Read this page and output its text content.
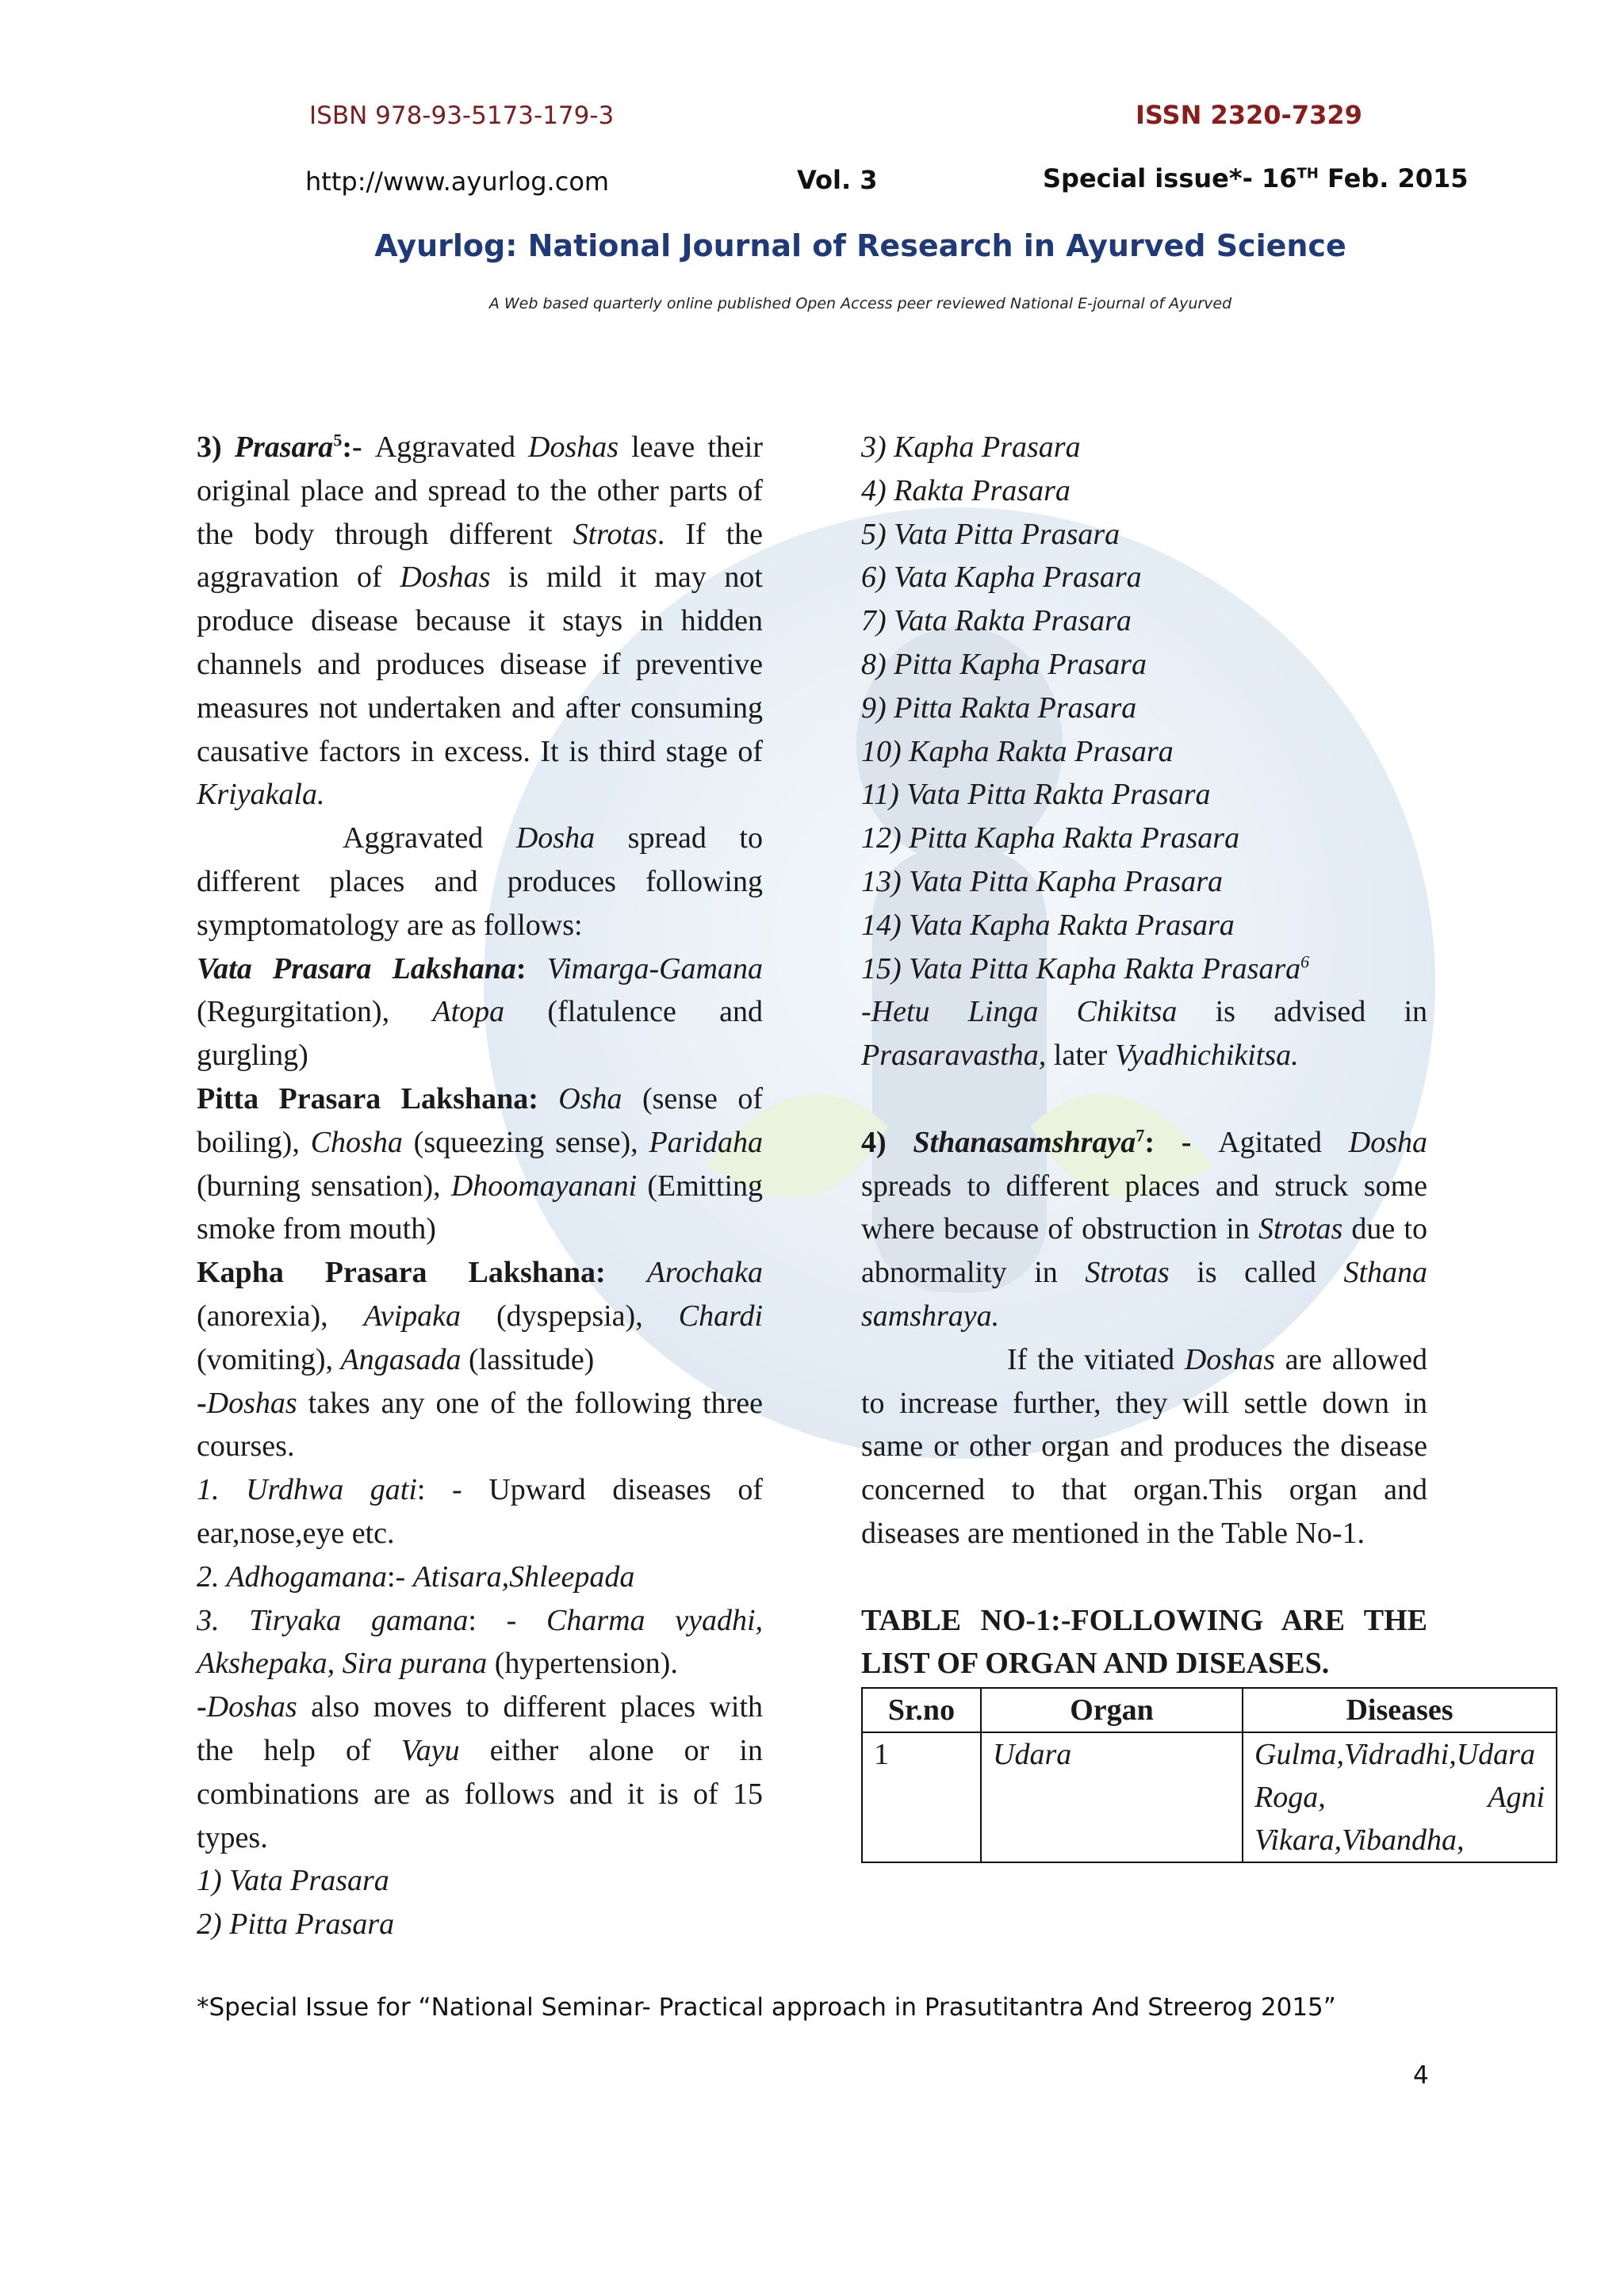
ISBN 978-93-5173-179-3	ISSN 2320-7329
http://www.ayurlog.com	Vol. 3	Special issue*- 16TH Feb. 2015
Ayurlog: National Journal of Research in Ayurved Science
A Web based quarterly online published Open Access peer reviewed National E-journal of Ayurved

3) Prasara$^5$:- Aggravated Doshas leave their original place and spread to the other parts of the body through different Strotas. If the aggravation of Doshas is mild it may not produce disease because it stays in hidden channels and produces disease if preventive measures not undertaken and after consuming causative factors in excess. It is third stage of Kriyakala.

Aggravated Dosha spread to different places and produces following symptomatology are as follows:

Vata Prasara Lakshana: Vimarga-Gamana (Regurgitation), Atopa (flatulence and gurgling)

Pitta Prasara Lakshana: Osha (sense of boiling), Chosha (squeezing sense), Paridaha (burning sensation), Dhoomayanani (Emitting smoke from mouth)

Kapha Prasara Lakshana: Arochaka (anorexia), Avipaka (dyspepsia), Chardi (vomiting), Angasada (lassitude)

-Doshas takes any one of the following three courses.

1. Urdhwa gati: - Upward diseases of ear,nose,eye etc.

2. Adhogamana:- Atisara,Shleepada

3. Tiryaka gamana: - Charma vyadhi, Akshepaka, Sira purana (hypertension).

-Doshas also moves to different places with the help of Vayu either alone or in combinations are as follows and it is of 15 types.

1) Vata Prasara
2) Pitta Prasara
3) Kapha Prasara
4) Rakta Prasara
5) Vata Pitta Prasara
6) Vata Kapha Prasara
7) Vata Rakta Prasara
8) Pitta Kapha Prasara
9) Pitta Rakta Prasara
10) Kapha Rakta Prasara
11) Vata Pitta Rakta Prasara
12) Pitta Kapha Rakta Prasara
13) Vata Pitta Kapha Prasara
14) Vata Kapha Rakta Prasara
15) Vata Pitta Kapha Rakta Prasara$^6$

-Hetu Linga Chikitsa is advised in Prasaravastha, later Vyadhichikitsa.

4) Sthanasamshraya$^7$: - Agitated Dosha spreads to different places and struck some where because of obstruction in Strotas due to abnormality in Strotas is called Sthana samshraya.

If the vitiated Doshas are allowed to increase further, they will settle down in same or other organ and produces the disease concerned to that organ.This organ and diseases are mentioned in the Table No-1.

TABLE NO-1:-FOLLOWING ARE THE LIST OF ORGAN AND DISEASES.

Sr.no	Organ	Diseases
1	Udara	Gulma,Vidradhi,Udara Roga, Agni Vikara,Vibandha,
*Special Issue for “National Seminar- Practical approach in Prasutitantra And Streerog 2015”
4
